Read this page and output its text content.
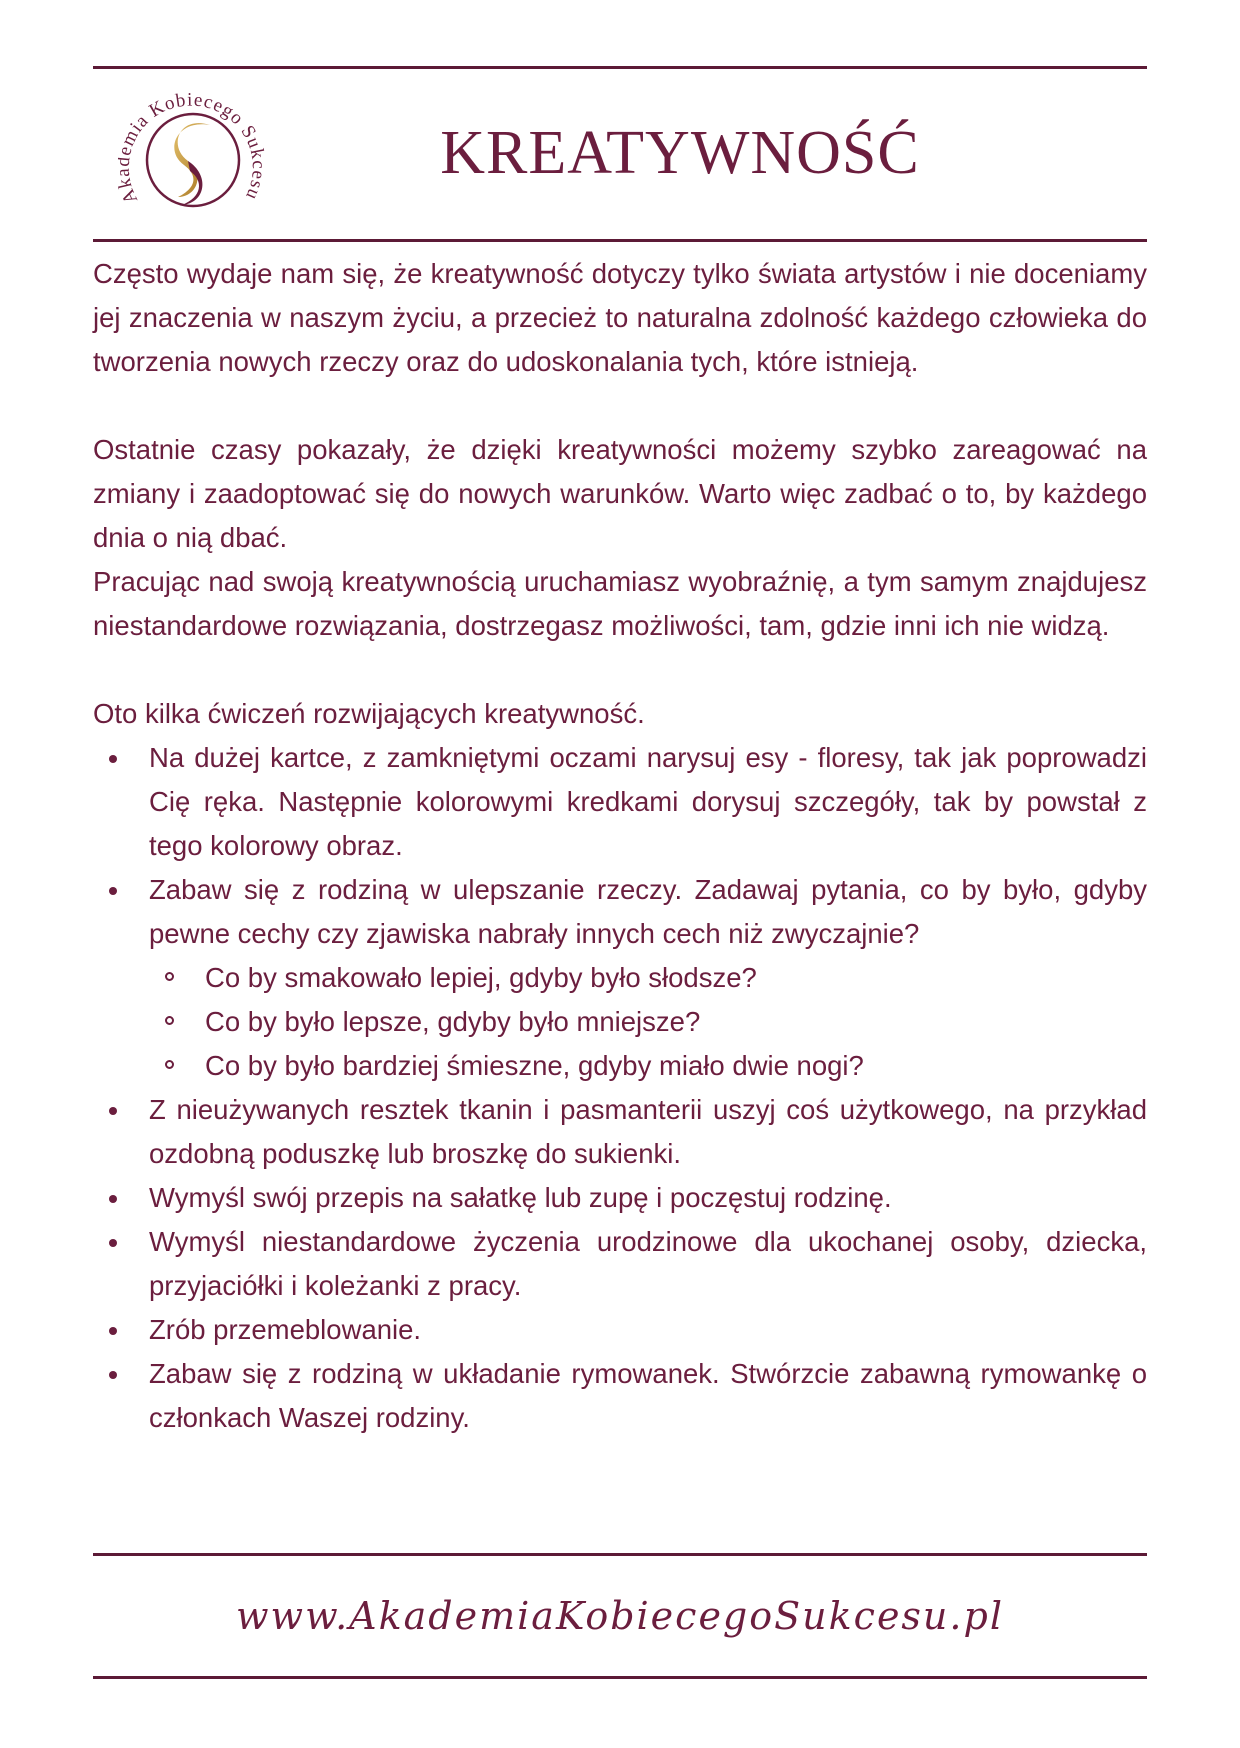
A mia Kobiecego Sukcesu
KREATYWNOŚĆ

Często wydaje nam się, że kreatywność dotyczy tylko świata artystów i nie doceniamy jej znaczenia w naszym życiu, a przecież to naturalna zdolność każdego człowieka do tworzenia nowych rzeczy oraz do udoskonalania tych, które istnieją.

Ostatnie czasy pokazały, że dzięki kreatywności możemy szybko zareagować na zmiany i zaadoptować się do nowych warunków. Warto więc zadbać o to, by każdego dnia o nią dbać.

Pracując nad swoją kreatywnością uruchamiasz wyobraźnię, a tym samym znajdujesz niestandardowe rozwiązania, dostrzegasz możliwości, tam, gdzie inni ich nie widzą.

Oto kilka ćwiczeń rozwijających kreatywność.

Na dużej kartce, z zamkniętymi oczami narysuj esy - floresy, tak jak poprowadzi Cię ręka. Następnie kolorowymi kredkami dorysuj szczegóły, tak by powstał z tego kolorowy obraz.
Zabaw się z rodziną w ulepszanie rzeczy. Zadawaj pytania, co by było, gdyby pewne cechy czy zjawiska nabrały innych cech niż zwyczajnie?
Co by smakowało lepiej, gdyby było słodsze?
Co by było lepsze, gdyby było mniejsze?
Co by było bardziej śmieszne, gdyby miało dwie nogi?
Z nieużywanych resztek tkanin i pasmanterii uszyj coś użytkowego, na przykład ozdobną poduszkę lub broszkę do sukienki.
Wymyśl swój przepis na sałatkę lub zupę i poczęstuj rodzinę.
Wymyśl niestandardowe życzenia urodzinowe dla ukochanej osoby, dziecka, przyjaciółki i koleżanki z pracy.
Zrób przemeblowanie.
Zabaw się z rodziną w układanie rymowanek. Stwórzcie zabawną rymowankę o członkach Waszej rodziny.
www.AkademiaKobiecegoSukcesu.pl
